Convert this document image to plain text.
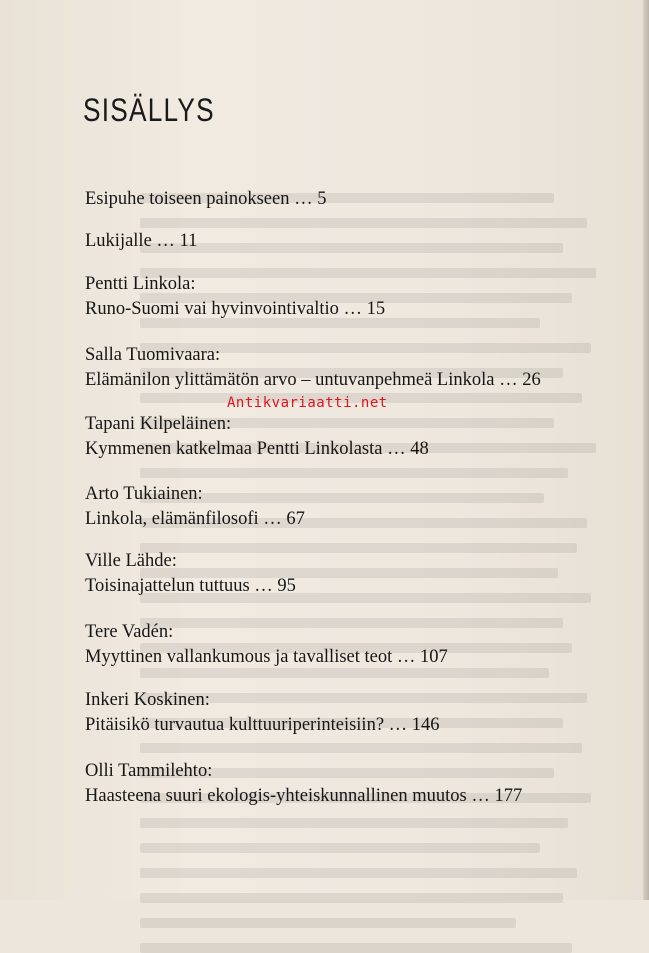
SISÄLLYS
Esipuhe toiseen painokseen … 5
Lukijalle … 11
Pentti Linkola:
Runo-Suomi vai hyvinvointivaltio … 15
Salla Tuomivaara:
Elämänilon ylittämätön arvo – untuvanpehmeä Linkola … 26
Tapani Kilpeläinen:
Kymmenen katkelmaa Pentti Linkolasta … 48
Arto Tukiainen:
Linkola, elämänfilosofi … 67
Ville Lähde:
Toisinajattelun tuttuus … 95
Tere Vadén:
Myyttinen vallankumous ja tavalliset teot … 107
Inkeri Koskinen:
Pitäisikö turvautua kulttuuriperinteisiin? … 146
Olli Tammilehto:
Haasteena suuri ekologis-yhteiskunnallinen muutos … 177
Antikvariaatti.net
